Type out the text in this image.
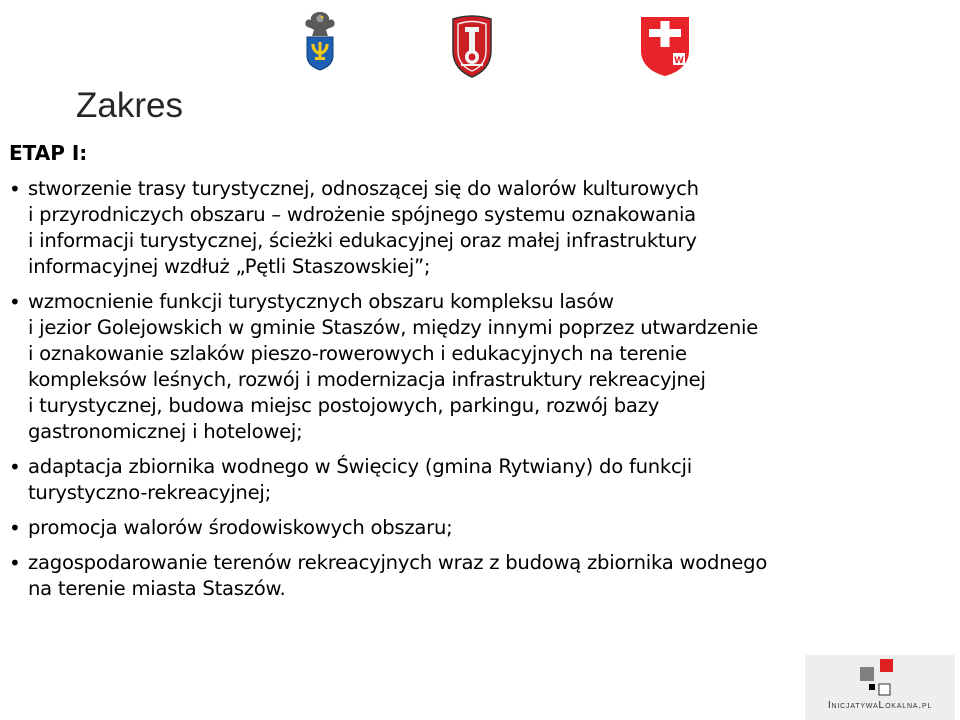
W
Zakres
ETAP I:
• stworzenie trasy turystycznej, odnoszącej się do walorów kulturowych
i przyrodniczych obszaru – wdrożenie spójnego systemu oznakowania
i informacji turystycznej, ścieżki edukacyjnej oraz małej infrastruktury
informacyjnej wzdłuż „Pętli Staszowskiej”;
• wzmocnienie funkcji turystycznych obszaru kompleksu lasów
i jezior Golejowskich w gminie Staszów, między innymi poprzez utwardzenie
i oznakowanie szlaków pieszo-rowerowych i edukacyjnych na terenie
kompleksów leśnych, rozwój i modernizacja infrastruktury rekreacyjnej
i turystycznej, budowa miejsc postojowych, parkingu, rozwój bazy
gastronomicznej i hotelowej;
• adaptacja zbiornika wodnego w Święcicy (gmina Rytwiany) do funkcji
turystyczno-rekreacyjnej;
• promocja walorów środowiskowych obszaru;
• zagospodarowanie terenów rekreacyjnych wraz z budową zbiornika wodnego
na terenie miasta Staszów.
InicjatywaLokalna.pl
